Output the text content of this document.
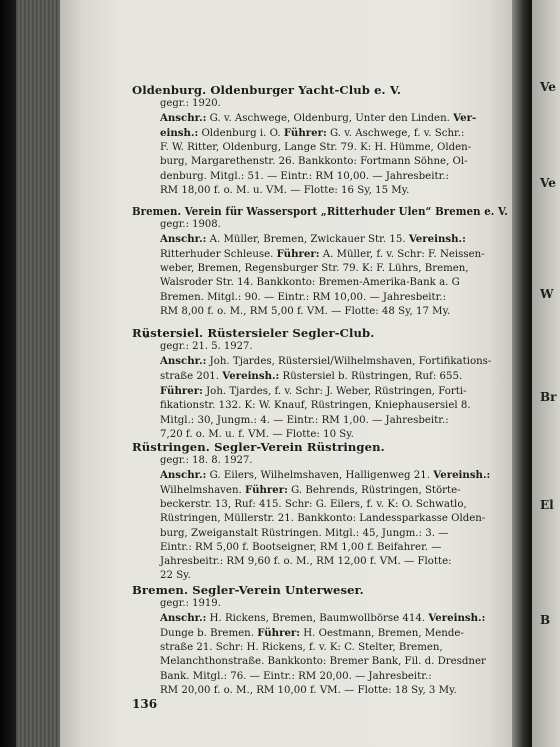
Ve
Ve
W
Br
El
B
Oldenburg. Oldenburger Yacht-Club e. V.
gegr.: 1920.
Anschr.: G. v. Aschwege, Oldenburg, Unter den Linden. Ver-
einsh.: Oldenburg i. O. Führer: G. v. Aschwege, f. v. Schr.:
F. W. Ritter, Oldenburg, Lange Str. 79. K: H. Hümme, Olden-
burg, Margarethenstr. 26. Bankkonto: Fortmann Söhne, Ol-
denburg. Mitgl.: 51. — Eintr.: RM 10,00. — Jahresbeitr.:
RM 18,00 f. o. M. u. VM. — Flotte: 16 Sy, 15 My.
Bremen. Verein für Wassersport „Ritterhuder Ulen“ Bremen e. V.
gegr.: 1908.
Anschr.: A. Müller, Bremen, Zwickauer Str. 15. Vereinsh.:
Ritterhuder Schleuse. Führer: A. Müller, f. v. Schr: F. Neissen-
weber, Bremen, Regensburger Str. 79. K: F. Lührs, Bremen,
Walsroder Str. 14. Bankkonto: Bremen-Amerika-Bank a. G
Bremen. Mitgl.: 90. — Eintr.: RM 10,00. — Jahresbeitr.:
RM 8,00 f. o. M., RM 5,00 f. VM. — Flotte: 48 Sy, 17 My.
Rüstersiel. Rüstersieler Segler-Club.
gegr.: 21. 5. 1927.
Anschr.: Joh. Tjardes, Rüstersiel/Wilhelmshaven, Fortifikations-
straße 201. Vereinsh.: Rüstersiel b. Rüstringen, Ruf: 655.
Führer: Joh. Tjardes, f. v. Schr: J. Weber, Rüstringen, Forti-
fikationstr. 132. K: W. Knauf, Rüstringen, Kniephausersiel 8.
Mitgl.: 30, Jungm.: 4. — Eintr.: RM 1,00. — Jahresbeitr.:
7,20 f. o. M. u. f. VM. — Flotte: 10 Sy.
Rüstringen. Segler-Verein Rüstringen.
gegr.: 18. 8. 1927.
Anschr.: G. Eilers, Wilhelmshaven, Halligenweg 21. Vereinsh.:
Wilhelmshaven. Führer: G. Behrends, Rüstringen, Störte-
beckerstr. 13, Ruf: 415. Schr: G. Eilers, f. v. K: O. Schwatlo,
Rüstringen, Müllerstr. 21. Bankkonto: Landessparkasse Olden-
burg, Zweiganstalt Rüstringen. Mitgl.: 45, Jungm.: 3. —
Eintr.: RM 5,00 f. Bootseigner, RM 1,00 f. Beifahrer. —
Jahresbeitr.: RM 9,60 f. o. M., RM 12,00 f. VM. — Flotte:
22 Sy.
Bremen. Segler-Verein Unterweser.
gegr.: 1919.
Anschr.: H. Rickens, Bremen, Baumwollbörse 414. Vereinsh.:
Dunge b. Bremen. Führer: H. Oestmann, Bremen, Mende-
straße 21. Schr: H. Rickens, f. v. K: C. Stelter, Bremen,
Melanchthonstraße. Bankkonto: Bremer Bank, Fil. d. Dresdner
Bank. Mitgl.: 76. — Eintr.: RM 20,00. — Jahresbeitr.:
RM 20,00 f. o. M., RM 10,00 f. VM. — Flotte: 18 Sy, 3 My.
136
